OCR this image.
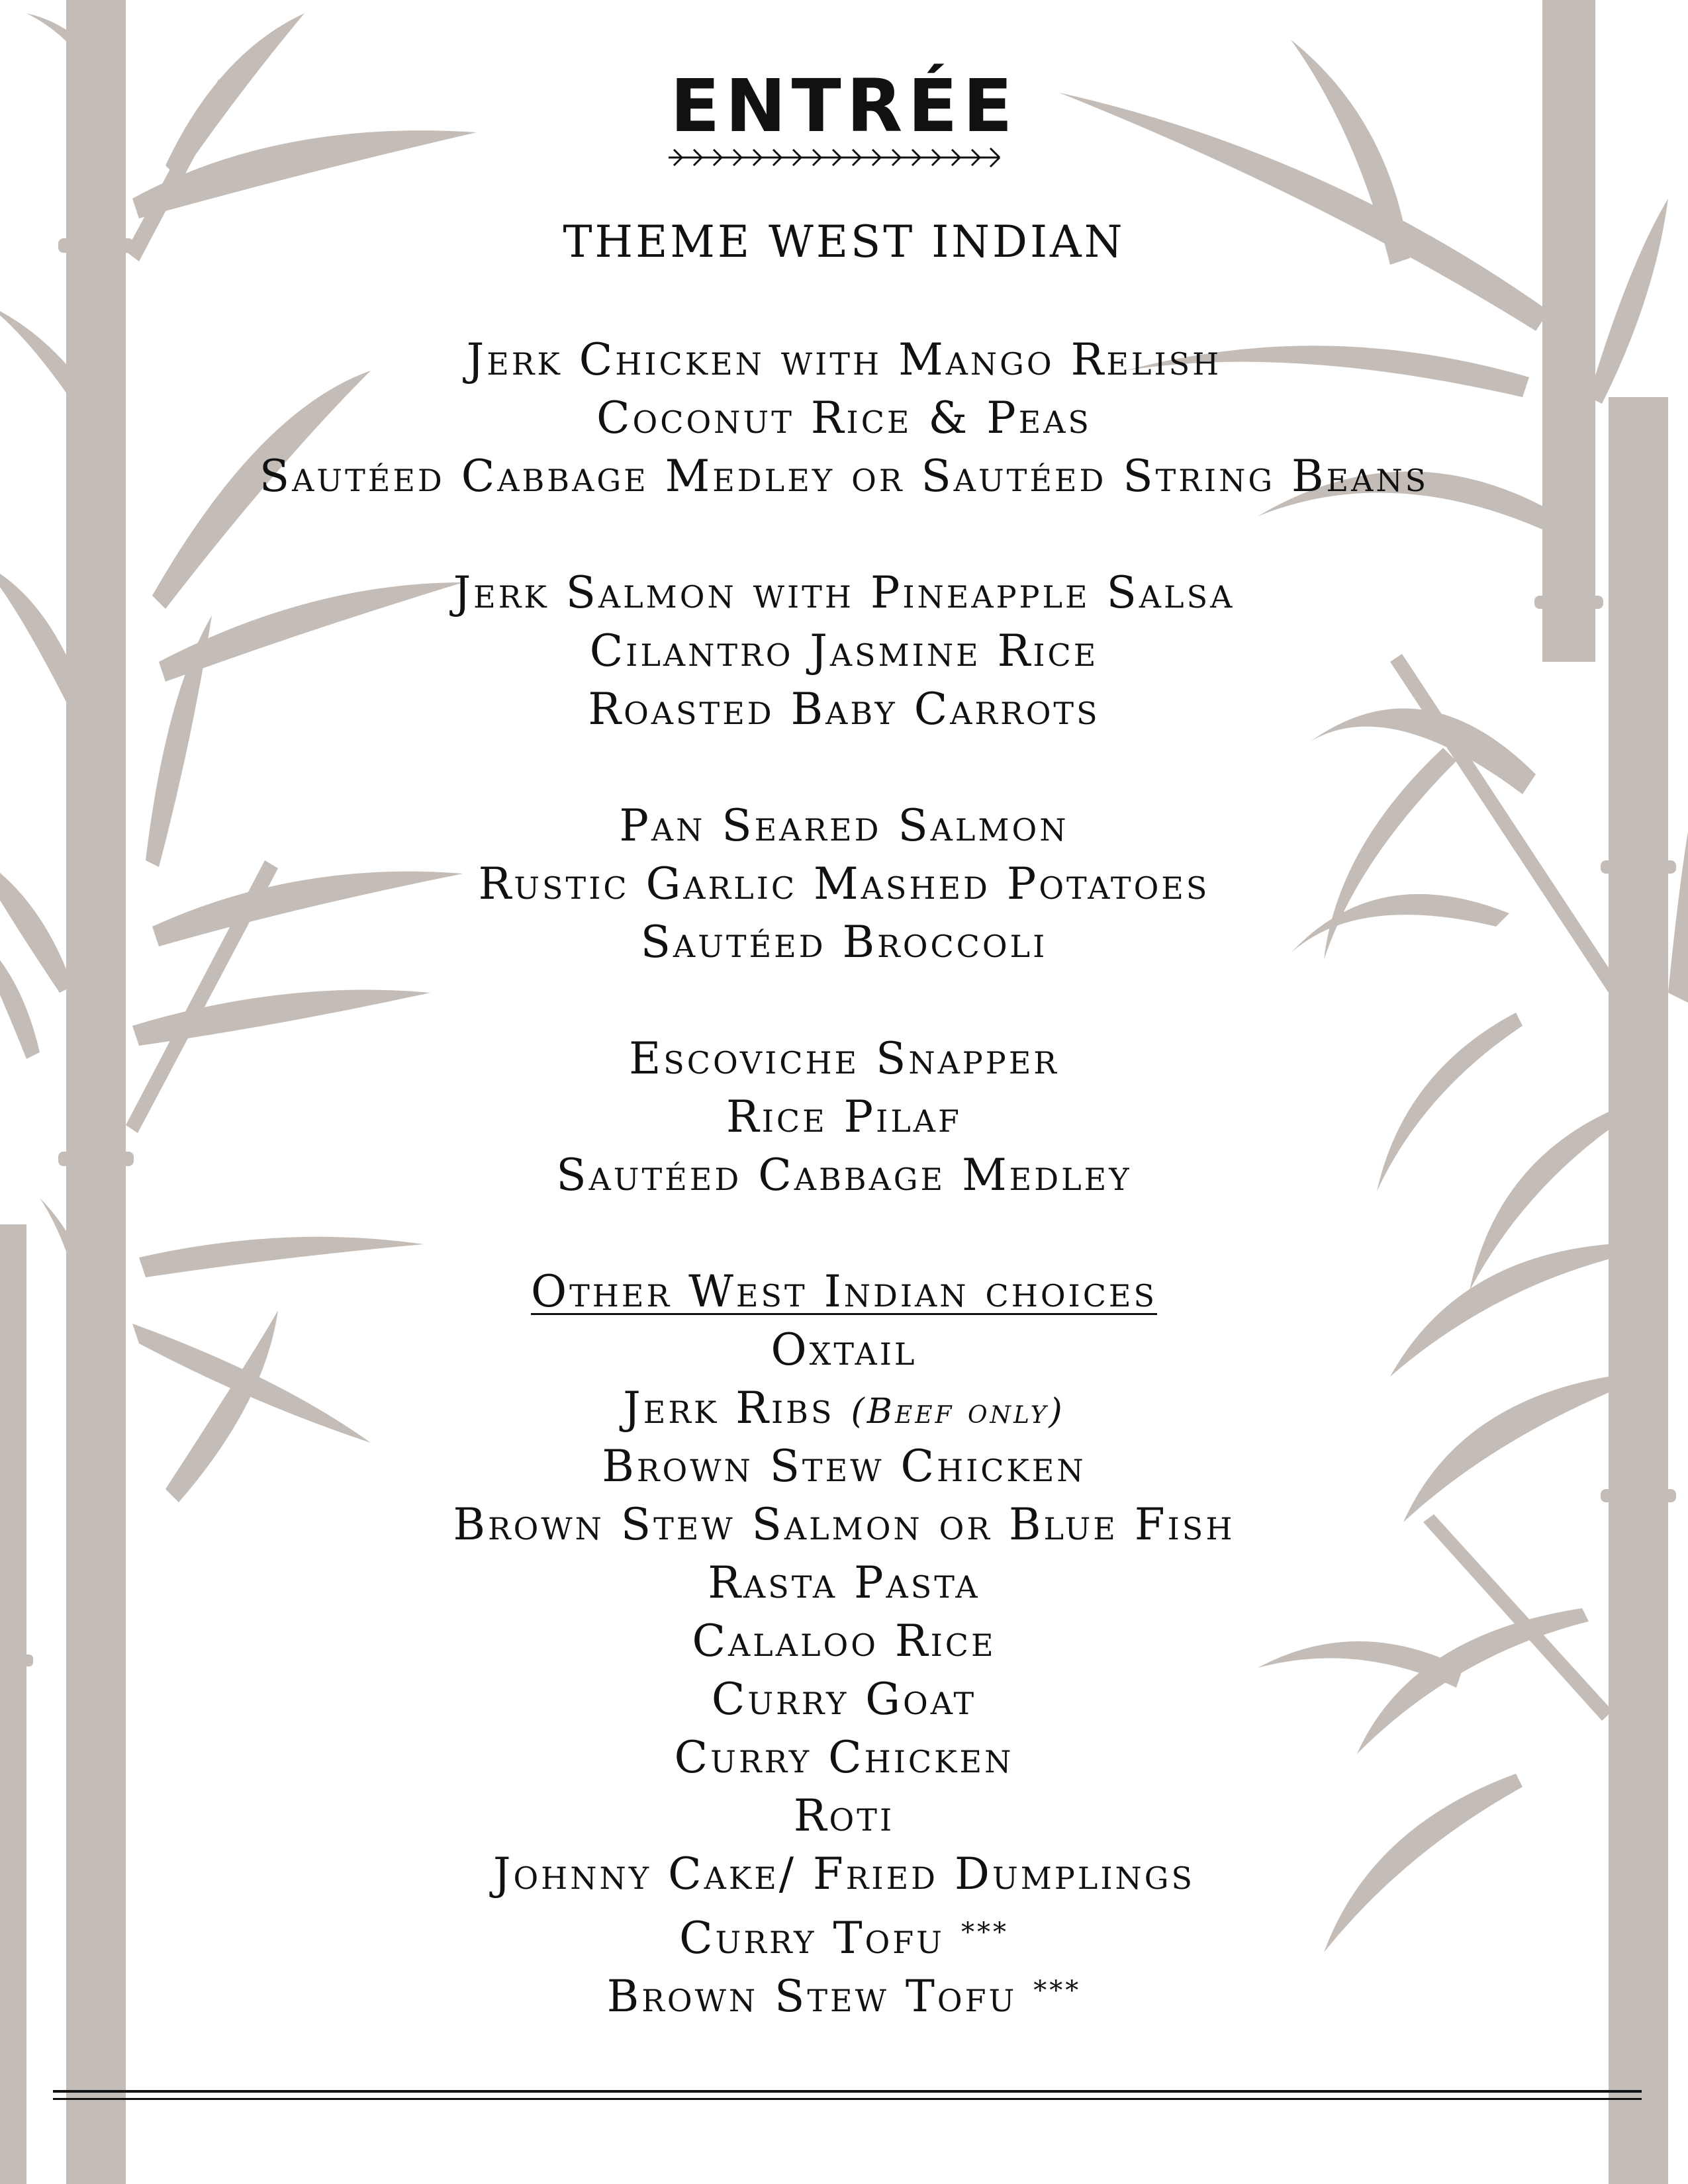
ENTRÉE
THEME WEST INDIAN
Jerk Chicken with Mango Relish
Coconut Rice & Peas
Sautéed Cabbage Medley or Sautéed String Beans
Jerk Salmon with Pineapple Salsa
Cilantro Jasmine Rice
Roasted Baby Carrots
Pan Seared Salmon
Rustic Garlic Mashed Potatoes
Sautéed Broccoli
Escoviche Snapper
Rice Pilaf
Sautéed Cabbage Medley
Other West Indian choices
Oxtail
Jerk Ribs (Beef only)
Brown Stew Chicken
Brown Stew Salmon or Blue Fish
Rasta Pasta
Calaloo Rice
Curry Goat
Curry Chicken
Roti
Johnny Cake/ Fried Dumplings
Curry Tofu ***
Brown Stew Tofu ***
